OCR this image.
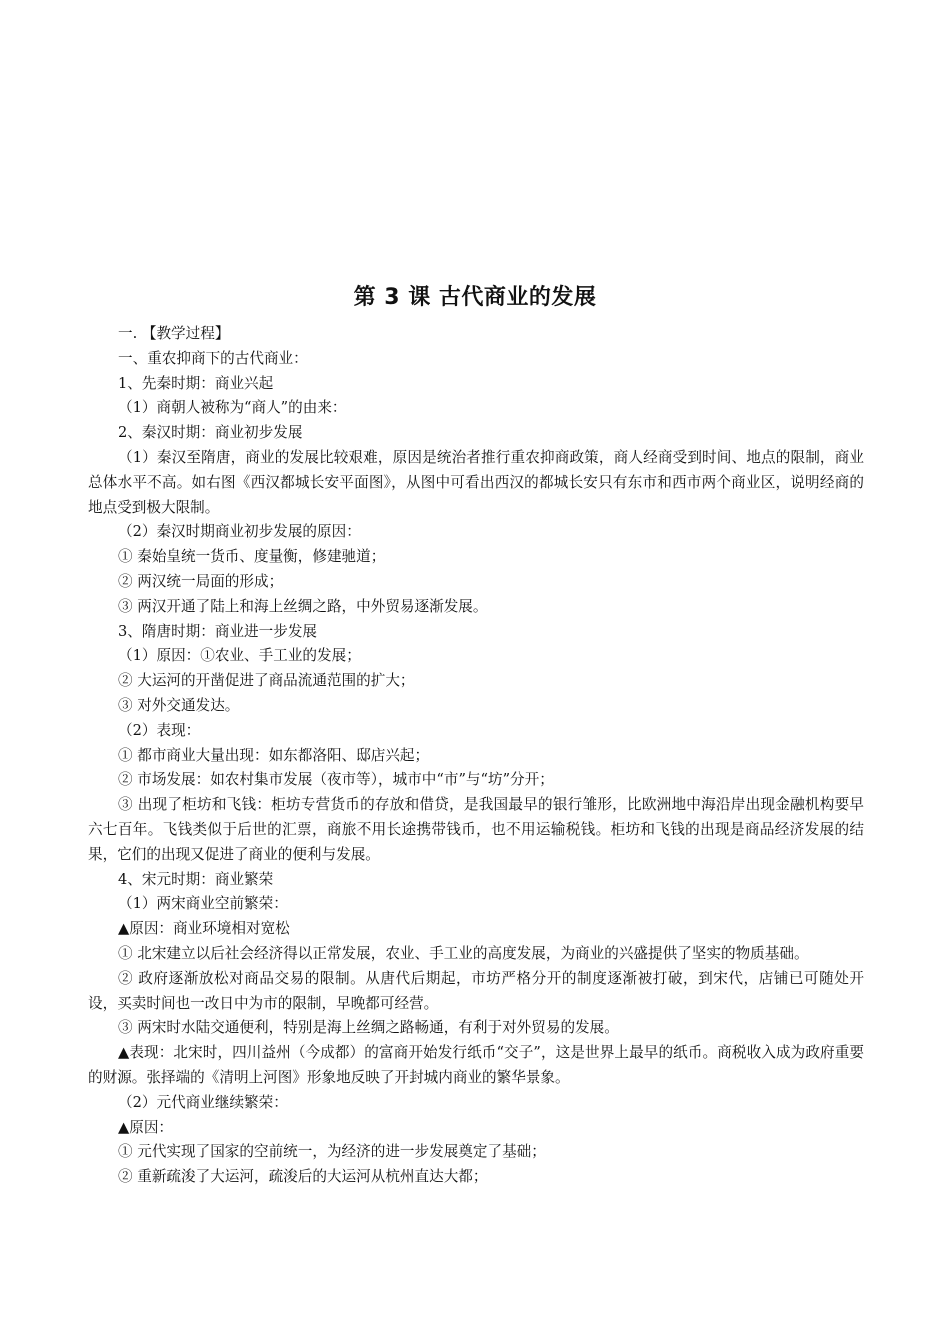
第 3 课 古代商业的发展

一. 【教学过程】

一、重农抑商下的古代商业：

1、先秦时期：商业兴起

（1）商朝人被称为“商人”的由来：

2、秦汉时期：商业初步发展

（1）秦汉至隋唐，商业的发展比较艰难，原因是统治者推行重农抑商政策，商人经商受到时间、地点的限制，商业总体水平不高。如右图《西汉都城长安平面图》，从图中可看出西汉的都城长安只有东市和西市两个商业区，说明经商的地点受到极大限制。

（2）秦汉时期商业初步发展的原因：

① 秦始皇统一货币、度量衡，修建驰道；

② 两汉统一局面的形成；

③ 两汉开通了陆上和海上丝绸之路，中外贸易逐渐发展。

3、隋唐时期：商业进一步发展

（1）原因：①农业、手工业的发展；

② 大运河的开凿促进了商品流通范围的扩大；

③ 对外交通发达。

（2）表现：

① 都市商业大量出现：如东都洛阳、邸店兴起；

② 市场发展：如农村集市发展（夜市等），城市中“市”与“坊”分开；

③ 出现了柜坊和飞钱：柜坊专营货币的存放和借贷，是我国最早的银行雏形，比欧洲地中海沿岸出现金融机构要早六七百年。飞钱类似于后世的汇票，商旅不用长途携带钱币，也不用运输税钱。柜坊和飞钱的出现是商品经济发展的结果，它们的出现又促进了商业的便利与发展。

4、宋元时期：商业繁荣

（1）两宋商业空前繁荣：

▲原因：商业环境相对宽松

① 北宋建立以后社会经济得以正常发展，农业、手工业的高度发展，为商业的兴盛提供了坚实的物质基础。

② 政府逐渐放松对商品交易的限制。从唐代后期起，市坊严格分开的制度逐渐被打破，到宋代，店铺已可随处开设，买卖时间也一改日中为市的限制，早晚都可经营。

③ 两宋时水陆交通便利，特别是海上丝绸之路畅通，有利于对外贸易的发展。

▲表现：北宋时，四川益州（今成都）的富商开始发行纸币“交子”，这是世界上最早的纸币。商税收入成为政府重要的财源。张择端的《清明上河图》形象地反映了开封城内商业的繁华景象。

（2）元代商业继续繁荣：

▲原因：

① 元代实现了国家的空前统一，为经济的进一步发展奠定了基础；

② 重新疏浚了大运河，疏浚后的大运河从杭州直达大都；
